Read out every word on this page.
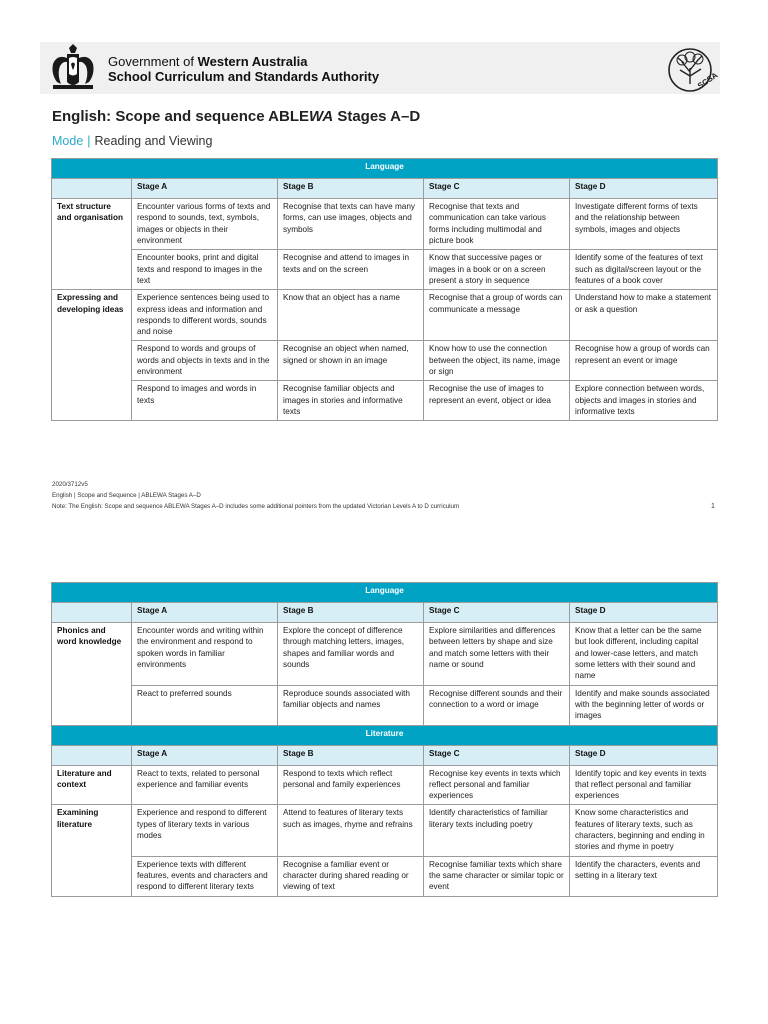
Government of Western Australia
School Curriculum and Standards Authority	SCSA
English: Scope and sequence ABLEWA Stages A–D
Mode | Reading and Viewing
Language				
	Stage A	Stage B	Stage C	Stage D
Text structure and organisation	Encounter various forms of texts and respond to sounds, text, symbols, images or objects in their environment	Recognise that texts can have many forms, can use images, objects and symbols	Recognise that texts and communication can take various forms including multimodal and picture book	Investigate different forms of texts and the relationship between symbols, images and objects
	Encounter books, print and digital texts and respond to images in the text	Recognise and attend to images in texts and on the screen	Know that successive pages or images in a book or on a screen present a story in sequence	Identify some of the features of text such as digital/screen layout or the features of a book cover
Expressing and developing ideas	Experience sentences being used to express ideas and information and responds to different words, sounds and noise	Know that an object has a name	Recognise that a group of words can communicate a message	Understand how to make a statement or ask a question
	Respond to words and groups of words and objects in texts and in the environment	Recognise an object when named, signed or shown in an image	Know how to use the connection between the object, its name, image or sign	Recognise how a group of words can represent an event or image
	Respond to images and words in texts	Recognise familiar objects and images in stories and informative texts	Recognise the use of images to represent an event, object or idea	Explore connection between words, objects and images in stories and informative texts
2020/3712v5
English | Scope and Sequence | ABLEWA Stages A–D
Note: The English: Scope and sequence ABLEWA Stages A–D includes some additional pointers from the updated Victorian Levels A to D curriculum	1
Language				
	Stage A	Stage B	Stage C	Stage D
Phonics and word knowledge	Encounter words and writing within the environment and respond to spoken words in familiar environments	Explore the concept of difference through matching letters, images, shapes and familiar words and sounds	Explore similarities and differences between letters by shape and size and match some letters with their name or sound	Know that a letter can be the same but look different, including capital and lower-case letters, and match some letters with their sound and name
	React to preferred sounds	Reproduce sounds associated with familiar objects and names	Recognise different sounds and their connection to a word or image	Identify and make sounds associated with the beginning letter of words or images
Literature				
	Stage A	Stage B	Stage C	Stage D
Literature and context	React to texts, related to personal experience and familiar events	Respond to texts which reflect personal and family experiences	Recognise key events in texts which reflect personal and familiar experiences	Identify topic and key events in texts that reflect personal and familiar experiences
Examining literature	Experience and respond to different types of literary texts in various modes	Attend to features of literary texts such as images, rhyme and refrains	Identify characteristics of familiar literary texts including poetry	Know some characteristics and features of literary texts, such as characters, beginning and ending in stories and rhyme in poetry
	Experience texts with different features, events and characters and respond to different literary texts	Recognise a familiar event or character during shared reading or viewing of text	Recognise familiar texts which share the same character or similar topic or event	Identify the characters, events and setting in a literary text
